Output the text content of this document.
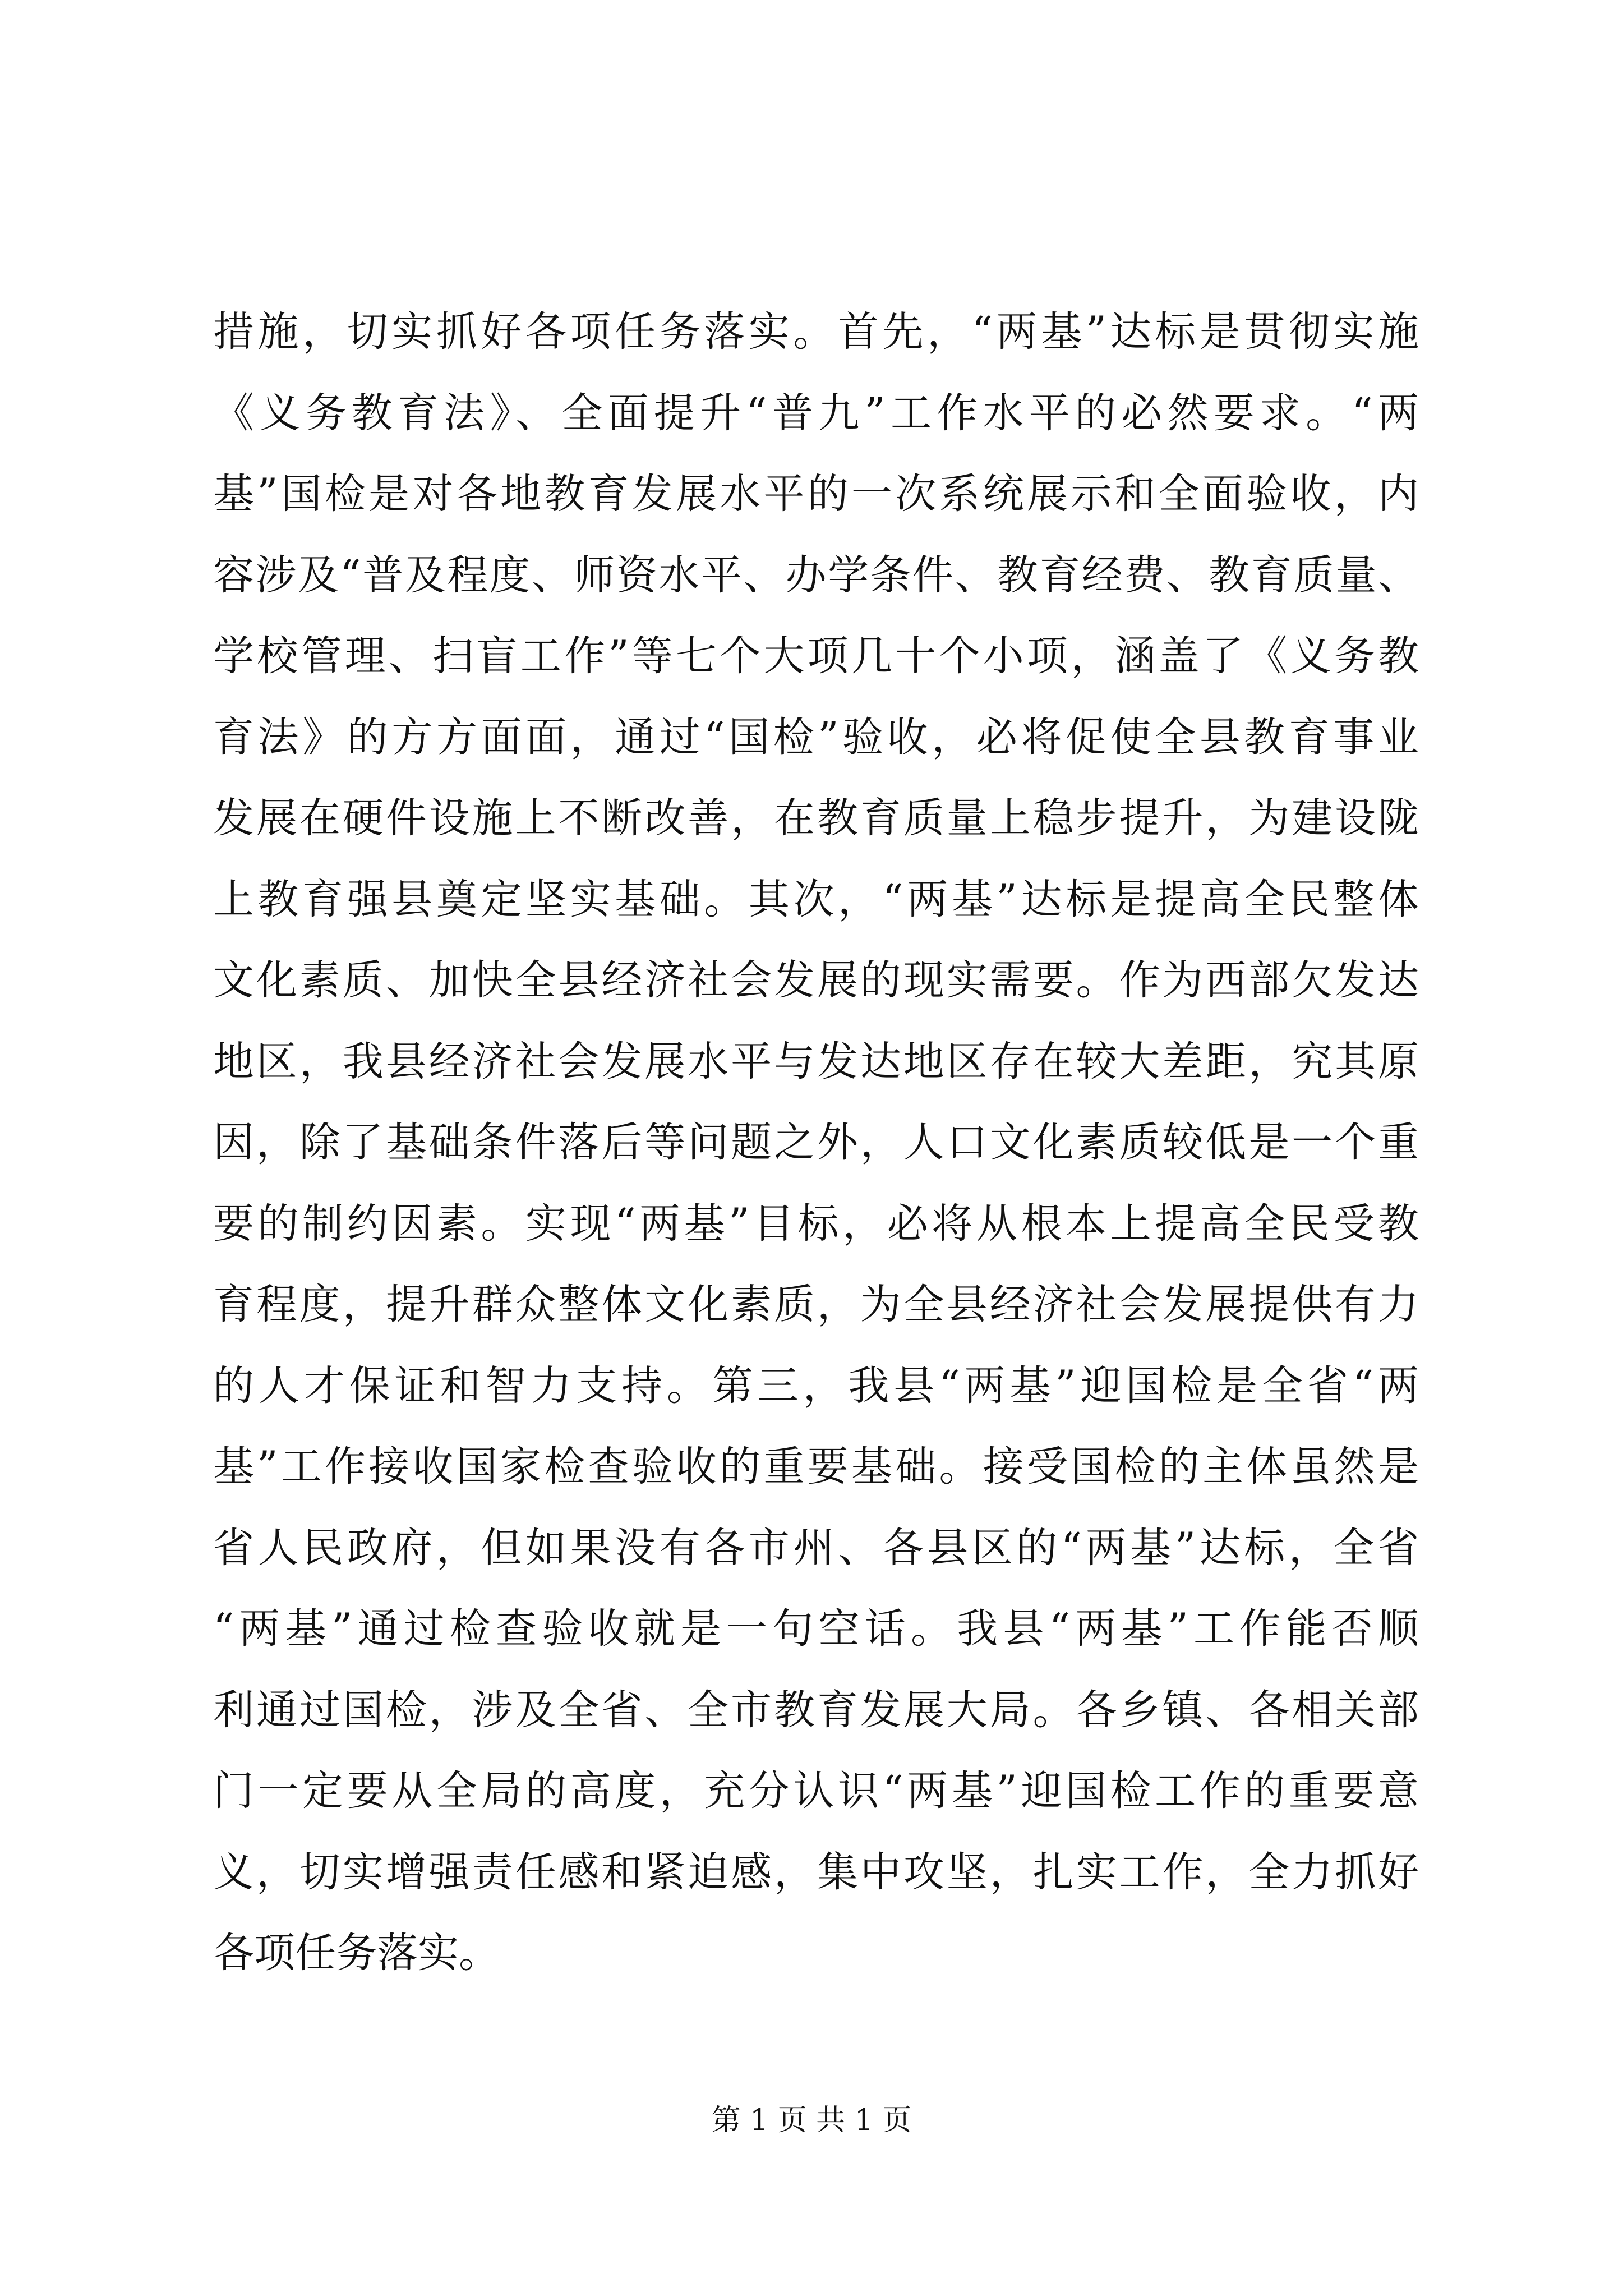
措施，切实抓好各项任务落实。首先，“两基”达标是贯彻实施
《义务教育法》、全面提升“普九”工作水平的必然要求。“两
基”国检是对各地教育发展水平的一次系统展示和全面验收，内
容涉及“普及程度、师资水平、办学条件、教育经费、教育质量、
学校管理、扫盲工作”等七个大项几十个小项，涵盖了《义务教
育法》的方方面面，通过“国检”验收，必将促使全县教育事业
发展在硬件设施上不断改善，在教育质量上稳步提升，为建设陇
上教育强县奠定坚实基础。其次，“两基”达标是提高全民整体
文化素质、加快全县经济社会发展的现实需要。作为西部欠发达
地区，我县经济社会发展水平与发达地区存在较大差距，究其原
因，除了基础条件落后等问题之外，人口文化素质较低是一个重
要的制约因素。实现“两基”目标，必将从根本上提高全民受教
育程度，提升群众整体文化素质，为全县经济社会发展提供有力
的人才保证和智力支持。第三，我县“两基”迎国检是全省“两
基”工作接收国家检查验收的重要基础。接受国检的主体虽然是
省人民政府，但如果没有各市州、各县区的“两基”达标，全省
“两基”通过检查验收就是一句空话。我县“两基”工作能否顺
利通过国检，涉及全省、全市教育发展大局。各乡镇、各相关部
门一定要从全局的高度，充分认识“两基”迎国检工作的重要意
义，切实增强责任感和紧迫感，集中攻坚，扎实工作，全力抓好
各项任务落实。
第 1 页 共 1 页
